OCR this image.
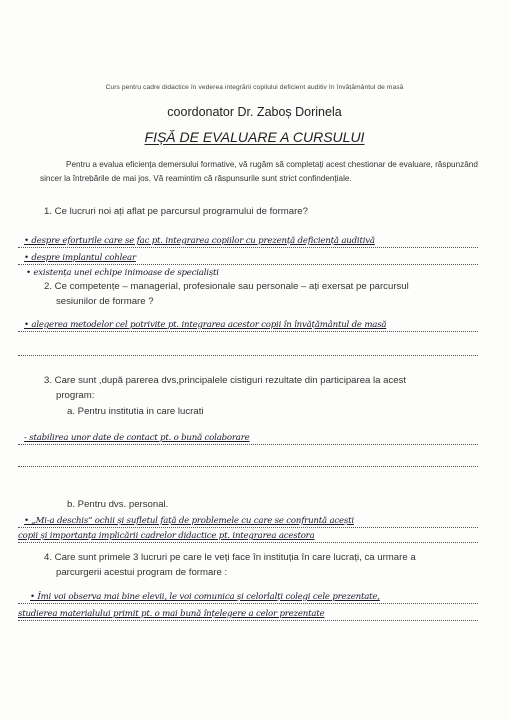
Curs pentru cadre didactice în vederea integrării copilului deficient auditiv în învățământul de masă
coordonator Dr. Zaboș Dorinela
FIȘĂ DE EVALUARE A CURSULUI
Pentru a evalua eficiența demersului formative, vă rugăm să completați acest chestionar de evaluare, răspunzând sincer la întrebările de mai jos. Vă reamintim că răspunsurile sunt strict confindențiale.
1. Ce lucruri noi ați aflat pe parcursul programului de formare?
• despre eforturile care se fac pt. integrarea copiilor cu prezență deficiență auditivă
• despre implantul cohlear
• existența unei echipe inimoase de specialiști
2. Ce competențe – managerial, profesionale sau personale – ați exersat pe parcursul
sesiunilor de formare ?
• alegerea metodelor cel potrivite pt. integrarea acestor copii în învățământul de masă
3. Care sunt ,după parerea dvs,principalele cistiguri rezultate din participarea la acest
program:
a. Pentru institutia in care lucrati
- stabilirea unor date de contact pt. o bună colaborare
b. Pentru dvs. personal.
• „Mi-a deschis” ochii și sufletul față de problemele cu care se confruntă acești
copii și importanța implicării cadrelor didactice pt. integrarea acestora
4. Care sunt primele 3 lucruri pe care le veți face în instituția în care lucrați, ca urmare a
parcurgerii acestui program de formare :
• Îmi voi observa mai bine elevii, le voi comunica și celorlalți colegi cele prezentate,
studierea materialului primit pt. o mai bună înțelegere a celor prezentate
